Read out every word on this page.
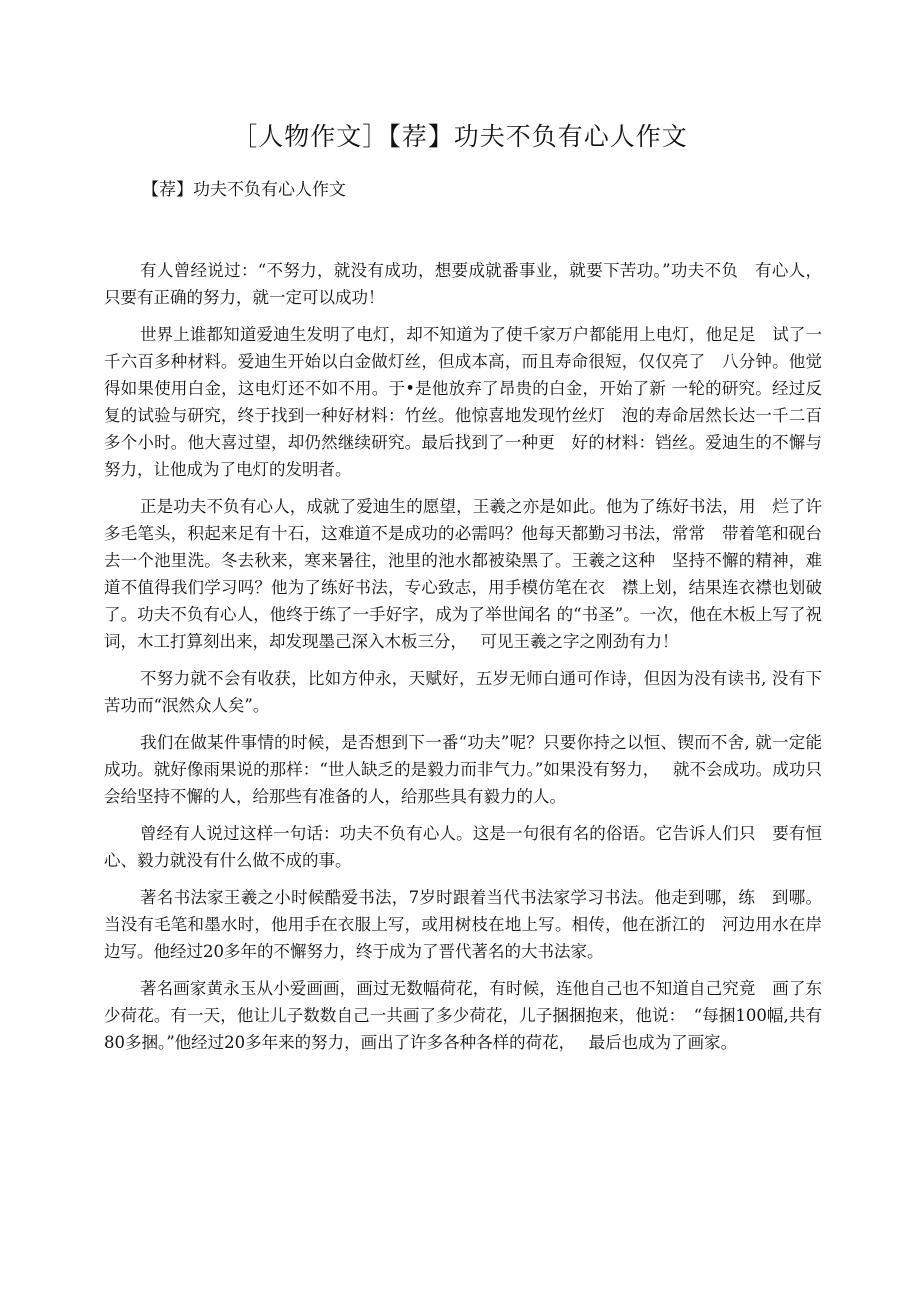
［人物作文］【荐】功夫不负有心人作文

【荐】功夫不负有心人作文

有人曾经说过：“不努力，就没有成功，想要成就番事业，就要下苦功。”功夫不负　有心人，只要有正确的努力，就一定可以成功！

世界上谁都知道爱迪生发明了电灯，却不知道为了使千家万户都能用上电灯，他足足　试了一千六百多种材料。爱迪生开始以白金做灯丝，但成本高，而且寿命很短，仅仅亮了　八分钟。他觉得如果使用白金，这电灯还不如不用。于•是他放弃了昂贵的白金，开始了新 一轮的研究。经过反复的试验与研究，终于找到一种好材料：竹丝。他惊喜地发现竹丝灯　泡的寿命居然长达一千二百多个小时。他大喜过望，却仍然继续研究。最后找到了一种更　好的材料：铛丝。爱迪生的不懈与努力，让他成为了电灯的发明者。

正是功夫不负有心人，成就了爱迪生的愿望，王羲之亦是如此。他为了练好书法，用　烂了许多毛笔头，积起来足有十石，这难道不是成功的必需吗？他每天都勤习书法，常常　带着笔和砚台去一个池里洗。冬去秋来，寒来暑往，池里的池水都被染黑了。王羲之这种　坚持不懈的精神，难道不值得我们学习吗？他为了练好书法，专心致志，用手模仿笔在衣　襟上划，结果连衣襟也划破了。功夫不负有心人，他终于练了一手好字，成为了举世闻名 的“书圣”。一次，他在木板上写了祝词，木工打算刻出来，却发现墨己深入木板三分，　 可见王羲之字之刚劲有力！

不努力就不会有收获，比如方仲永，天赋好，五岁无师白通可作诗，但因为没有读书, 没有下苦功而“泯然众人矣”。

我们在做某件事情的时候，是否想到下一番“功夫”呢？只要你持之以恒、锲而不舍, 就一定能成功。就好像雨果说的那样：“世人缺乏的是毅力而非气力。”如果没有努力，　 就不会成功。成功只会给坚持不懈的人，给那些有准备的人，给那些具有毅力的人。

曾经有人说过这样一句话：功夫不负有心人。这是一句很有名的俗语。它告诉人们只　要有恒心、毅力就没有什么做不成的事。

著名书法家王羲之小时候酷爱书法，7岁时跟着当代书法家学习书法。他走到哪，练　到哪。当没有毛笔和墨水时，他用手在衣服上写，或用树枝在地上写。相传，他在浙江的　河边用水在岸边写。他经过20多年的不懈努力，终于成为了晋代著名的大书法家。

著名画家黄永玉从小爱画画，画过无数幅荷花，有时候，连他自己也不知道自己究竟　画了东少荷花。有一天，他让儿子数数自己一共画了多少荷花，儿子捆捆抱来，他说：　“每捆100幅,共有80多捆。”他经过20多年来的努力，画出了许多各种各样的荷花，　 最后也成为了画家。
